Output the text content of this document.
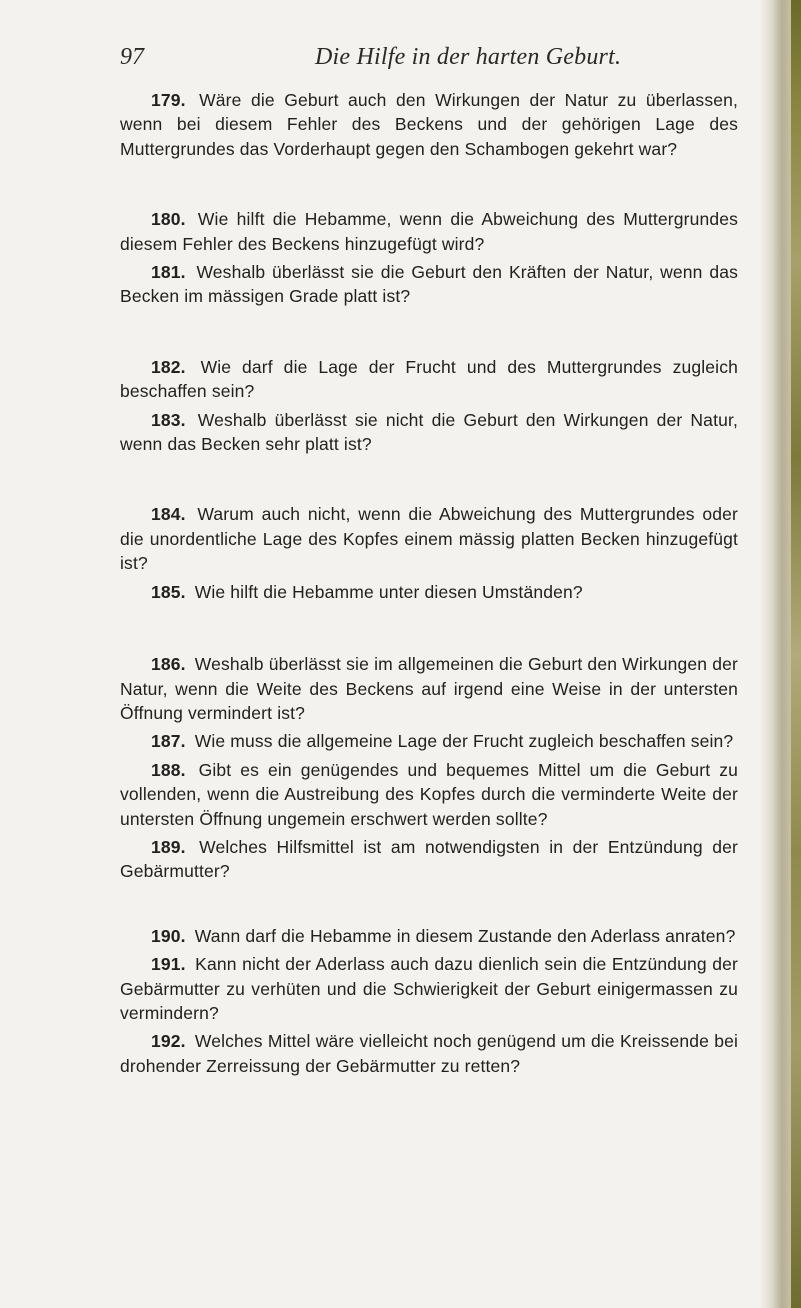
97	Die Hilfe in der harten Geburt.

179. Wäre die Geburt auch den Wirkungen der Natur zu überlassen, wenn bei diesem Fehler des Beckens und der gehörigen Lage des Muttergrundes das Vorderhaupt gegen den Schambogen gekehrt war?

180. Wie hilft die Hebamme, wenn die Abweichung des Muttergrundes diesem Fehler des Beckens hinzugefügt wird?

181. Weshalb überlässt sie die Geburt den Kräften der Natur, wenn das Becken im mässigen Grade platt ist?

182. Wie darf die Lage der Frucht und des Muttergrundes zugleich beschaffen sein?

183. Weshalb überlässt sie nicht die Geburt den Wirkungen der Natur, wenn das Becken sehr platt ist?

184. Warum auch nicht, wenn die Abweichung des Muttergrundes oder die unordentliche Lage des Kopfes einem mässig platten Becken hinzugefügt ist?

185. Wie hilft die Hebamme unter diesen Umständen?

186. Weshalb überlässt sie im allgemeinen die Geburt den Wirkungen der Natur, wenn die Weite des Beckens auf irgend eine Weise in der untersten Öffnung vermindert ist?

187. Wie muss die allgemeine Lage der Frucht zugleich beschaffen sein?

188. Gibt es ein genügendes und bequemes Mittel um die Geburt zu vollenden, wenn die Austreibung des Kopfes durch die verminderte Weite der untersten Öffnung ungemein erschwert werden sollte?

189. Welches Hilfsmittel ist am notwendigsten in der Entzündung der Gebärmutter?

190. Wann darf die Hebamme in diesem Zustande den Aderlass anraten?

191. Kann nicht der Aderlass auch dazu dienlich sein die Entzündung der Gebärmutter zu verhüten und die Schwierigkeit der Geburt einigermassen zu vermindern?

192. Welches Mittel wäre vielleicht noch genügend um die Kreissende bei drohender Zerreissung der Gebärmutter zu retten?
